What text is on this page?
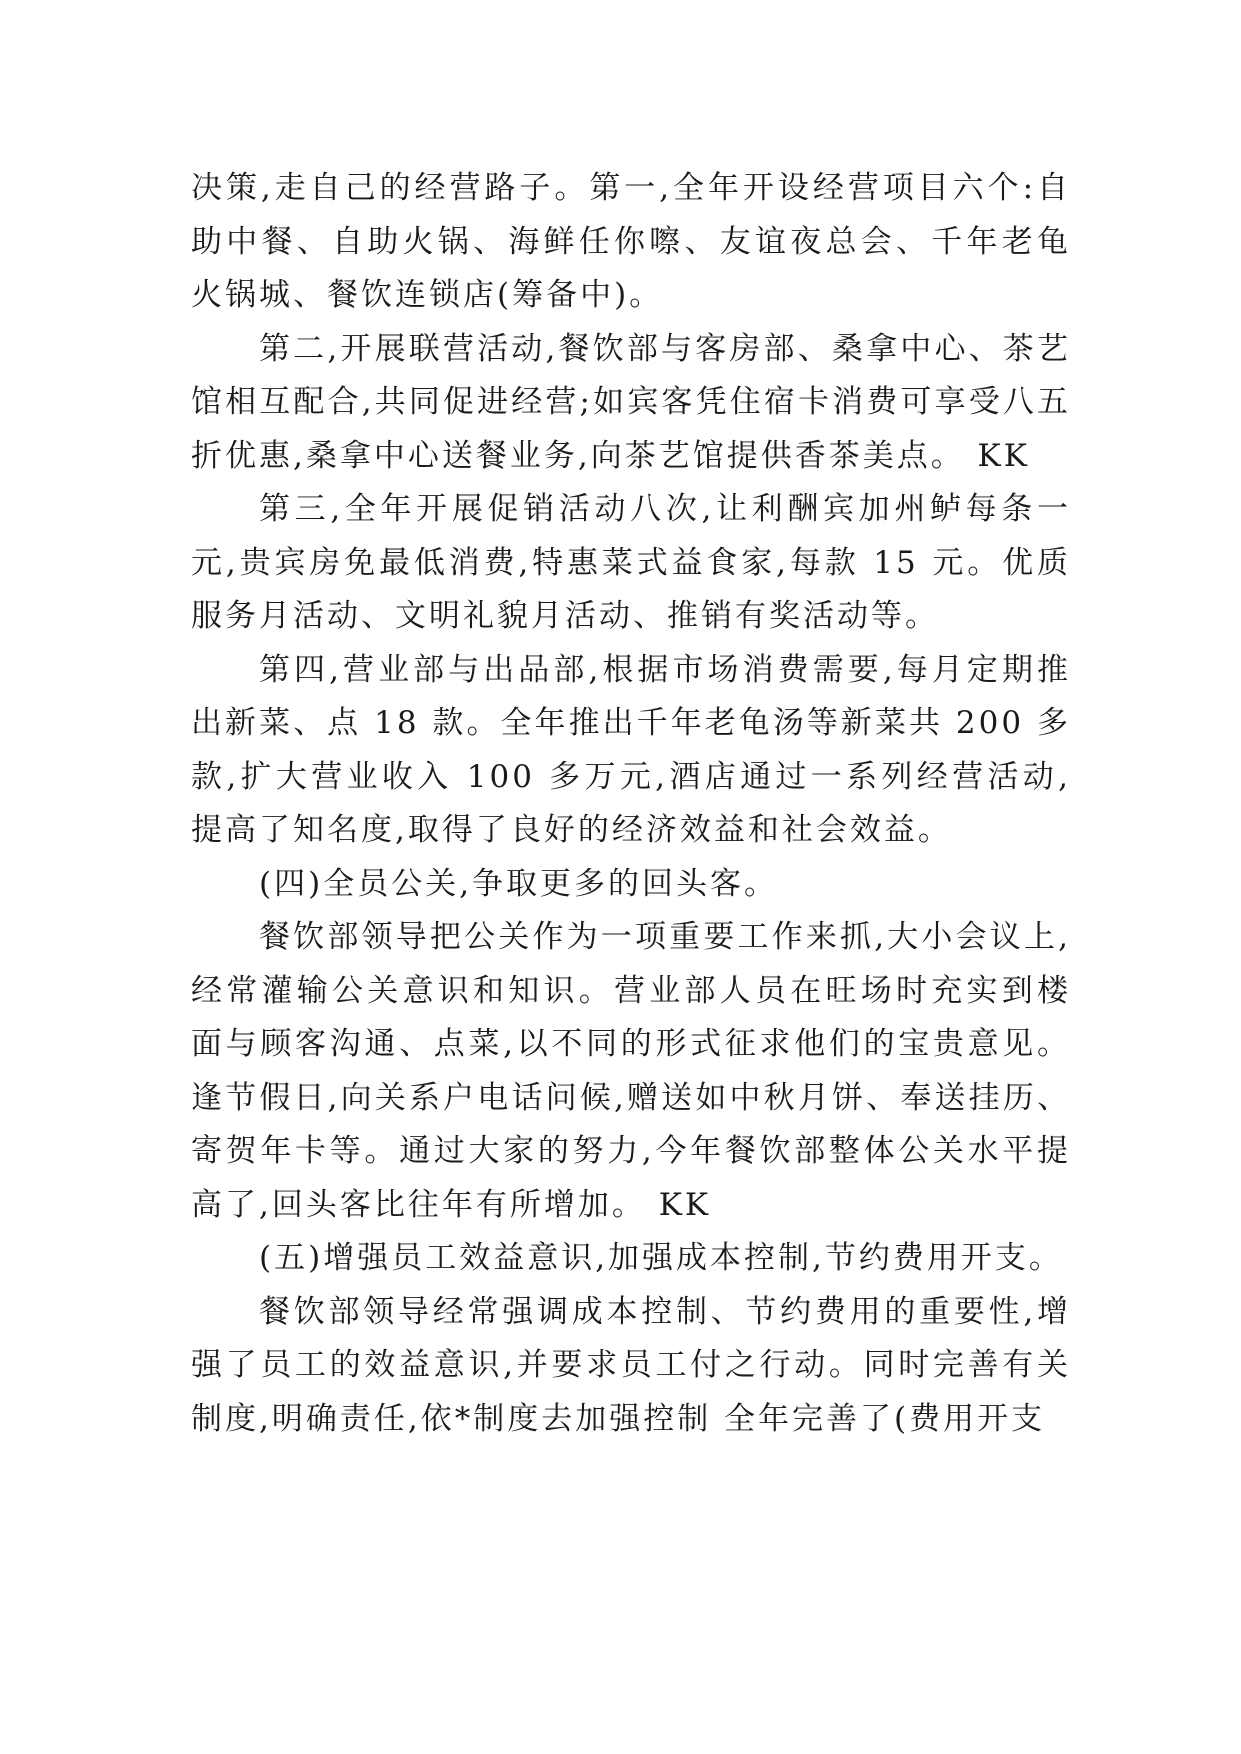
决策,走自己的经营路子。第一,全年开设经营项目六个:自助中餐、自助火锅、海鲜任你嚓、友谊夜总会、千年老龟火锅城、餐饮连锁店(筹备中)。

第二,开展联营活动,餐饮部与客房部、桑拿中心、茶艺馆相互配合,共同促进经营;如宾客凭住宿卡消费可享受八五折优惠,桑拿中心送餐业务,向茶艺馆提供香茶美点。 KK

第三,全年开展促销活动八次,让利酬宾加州鲈每条一元,贵宾房免最低消费,特惠菜式益食家,每款 15 元。优质服务月活动、文明礼貌月活动、推销有奖活动等。

第四,营业部与出品部,根据市场消费需要,每月定期推出新菜、点 18 款。全年推出千年老龟汤等新菜共 200 多款,扩大营业收入 100 多万元,酒店通过一系列经营活动,提高了知名度,取得了良好的经济效益和社会效益。

(四)全员公关,争取更多的回头客。

餐饮部领导把公关作为一项重要工作来抓,大小会议上,经常灌输公关意识和知识。营业部人员在旺场时充实到楼面与顾客沟通、点菜,以不同的形式征求他们的宝贵意见。逢节假日,向关系户电话问候,赠送如中秋月饼、奉送挂历、寄贺年卡等。通过大家的努力,今年餐饮部整体公关水平提高了,回头客比往年有所增加。 KK

(五)增强员工效益意识,加强成本控制,节约费用开支。

餐饮部领导经常强调成本控制、节约费用的重要性,增强了员工的效益意识,并要求员工付之行动。同时完善有关制度,明确责任,依*制度去加强控制 全年完善了(费用开支
